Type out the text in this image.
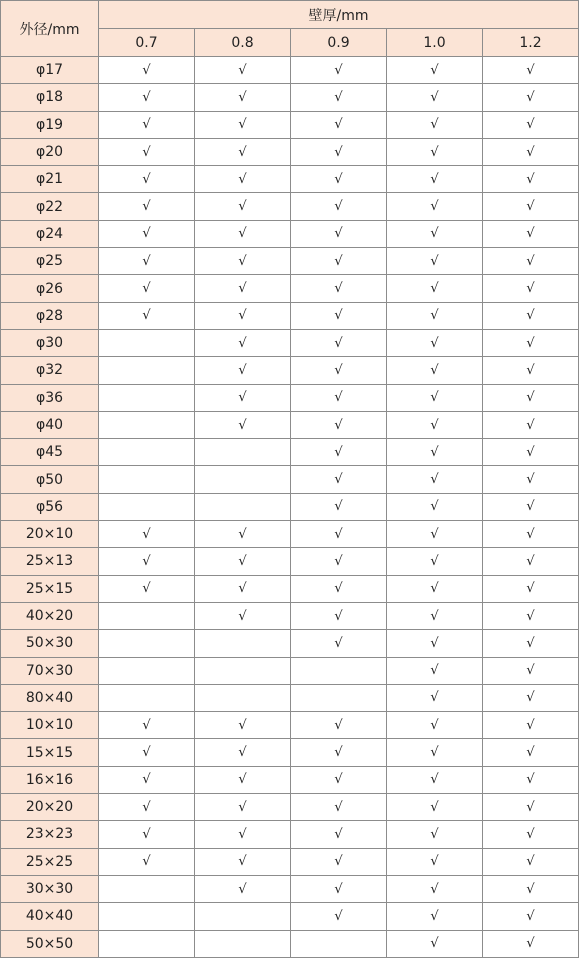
外径/mm	壁厚/mm				
	0.7	0.8	0.9	1.0	1.2
φ17	√	√	√	√	√
φ18	√	√	√	√	√
φ19	√	√	√	√	√
φ20	√	√	√	√	√
φ21	√	√	√	√	√
φ22	√	√	√	√	√
φ24	√	√	√	√	√
φ25	√	√	√	√	√
φ26	√	√	√	√	√
φ28	√	√	√	√	√
φ30		√	√	√	√
φ32		√	√	√	√
φ36		√	√	√	√
φ40		√	√	√	√
φ45			√	√	√
φ50			√	√	√
φ56			√	√	√
20×10	√	√	√	√	√
25×13	√	√	√	√	√
25×15	√	√	√	√	√
40×20		√	√	√	√
50×30			√	√	√
70×30				√	√
80×40				√	√
10×10	√	√	√	√	√
15×15	√	√	√	√	√
16×16	√	√	√	√	√
20×20	√	√	√	√	√
23×23	√	√	√	√	√
25×25	√	√	√	√	√
30×30		√	√	√	√
40×40			√	√	√
50×50				√	√
